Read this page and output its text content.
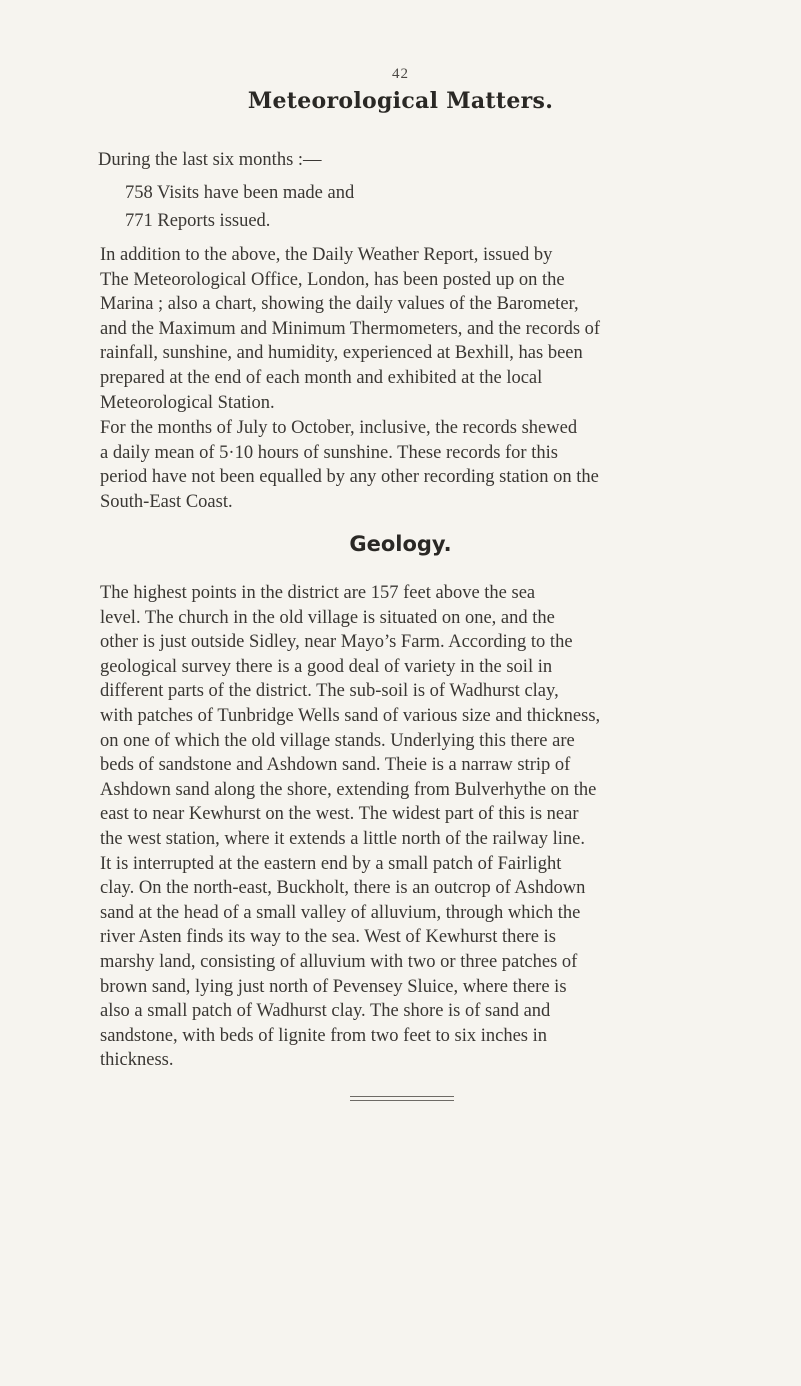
42
Meteorological Matters.
During the last six months :—
758 Visits have been made and
771 Reports issued.
In addition to the above, the Daily Weather Report, issued by
The Meteorological Office, London, has been posted up on the
Marina ; also a chart, showing the daily values of the Barometer,
and the Maximum and Minimum Thermometers, and the records of
rainfall, sunshine, and humidity, experienced at Bexhill, has been
prepared at the end of each month and exhibited at the local
Meteorological Station.
For the months of July to October, inclusive, the records shewed
a daily mean of 5·10 hours of sunshine. These records for this
period have not been equalled by any other recording station on the
South-East Coast.
Geology.
The highest points in the district are 157 feet above the sea
level. The church in the old village is situated on one, and the
other is just outside Sidley, near Mayo’s Farm. According to the
geological survey there is a good deal of variety in the soil in
different parts of the district. The sub-soil is of Wadhurst clay,
with patches of Tunbridge Wells sand of various size and thickness,
on one of which the old village stands. Underlying this there are
beds of sandstone and Ashdown sand. Theie is a narraw strip of
Ashdown sand along the shore, extending from Bulverhythe on the
east to near Kewhurst on the west. The widest part of this is near
the west station, where it extends a little north of the railway line.
It is interrupted at the eastern end by a small patch of Fairlight
clay. On the north-east, Buckholt, there is an outcrop of Ashdown
sand at the head of a small valley of alluvium, through which the
river Asten finds its way to the sea. West of Kewhurst there is
marshy land, consisting of alluvium with two or three patches of
brown sand, lying just north of Pevensey Sluice, where there is
also a small patch of Wadhurst clay. The shore is of sand and
sandstone, with beds of lignite from two feet to six inches in
thickness.
